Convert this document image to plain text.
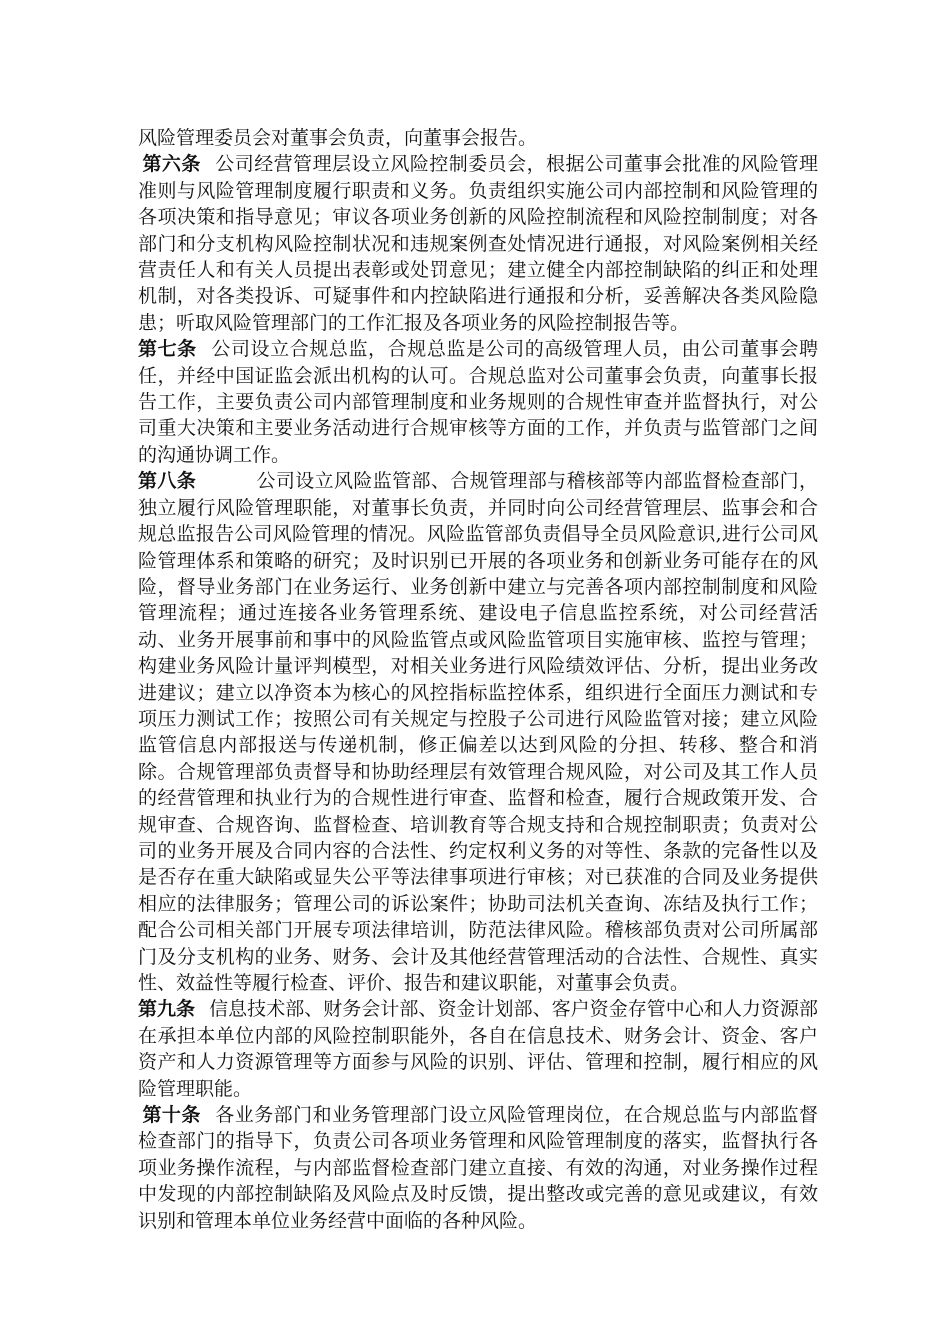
风险管理委员会对董事会负责，向董事会报告。

第六条 公司经营管理层设立风险控制委员会，根据公司董事会批准的风险管理准则与风险管理制度履行职责和义务。负责组织实施公司内部控制和风险管理的各项决策和指导意见；审议各项业务创新的风险控制流程和风险控制制度；对各部门和分支机构风险控制状况和违规案例查处情况进行通报，对风险案例相关经营责任人和有关人员提出表彰或处罚意见；建立健全内部控制缺陷的纠正和处理机制，对各类投诉、可疑事件和内控缺陷进行通报和分析，妥善解决各类风险隐患；听取风险管理部门的工作汇报及各项业务的风险控制报告等。

第七条 公司设立合规总监，合规总监是公司的高级管理人员，由公司董事会聘任，并经中国证监会派出机构的认可。合规总监对公司董事会负责，向董事长报告工作，主要负责公司内部管理制度和业务规则的合规性审查并监督执行，对公司重大决策和主要业务活动进行合规审核等方面的工作，并负责与监管部门之间的沟通协调工作。

第八条	公司设立风险监管部、合规管理部与稽核部等内部监督检查部门，独立履行风险管理职能，对董事长负责，并同时向公司经营管理层、监事会和合规总监报告公司风险管理的情况。风险监管部负责倡导全员风险意识,进行公司风险管理体系和策略的研究；及时识别已开展的各项业务和创新业务可能存在的风险，督导业务部门在业务运行、业务创新中建立与完善各项内部控制制度和风险管理流程；通过连接各业务管理系统、建设电子信息监控系统，对公司经营活动、业务开展事前和事中的风险监管点或风险监管项目实施审核、监控与管理；构建业务风险计量评判模型，对相关业务进行风险绩效评估、分析，提出业务改进建议；建立以净资本为核心的风控指标监控体系，组织进行全面压力测试和专项压力测试工作；按照公司有关规定与控股子公司进行风险监管对接；建立风险监管信息内部报送与传递机制，修正偏差以达到风险的分担、转移、整合和消除。合规管理部负责督导和协助经理层有效管理合规风险，对公司及其工作人员的经营管理和执业行为的合规性进行审查、监督和检查，履行合规政策开发、合规审查、合规咨询、监督检查、培训教育等合规支持和合规控制职责；负责对公司的业务开展及合同内容的合法性、约定权利义务的对等性、条款的完备性以及是否存在重大缺陷或显失公平等法律事项进行审核；对已获准的合同及业务提供相应的法律服务；管理公司的诉讼案件；协助司法机关查询、冻结及执行工作；配合公司相关部门开展专项法律培训，防范法律风险。稽核部负责对公司所属部门及分支机构的业务、财务、会计及其他经营管理活动的合法性、合规性、真实性、效益性等履行检查、评价、报告和建议职能，对董事会负责。

第九条 信息技术部、财务会计部、资金计划部、客户资金存管中心和人力资源部在承担本单位内部的风险控制职能外，各自在信息技术、财务会计、资金、客户资产和人力资源管理等方面参与风险的识别、评估、管理和控制，履行相应的风险管理职能。

第十条 各业务部门和业务管理部门设立风险管理岗位，在合规总监与内部监督检查部门的指导下，负责公司各项业务管理和风险管理制度的落实，监督执行各项业务操作流程，与内部监督检查部门建立直接、有效的沟通，对业务操作过程中发现的内部控制缺陷及风险点及时反馈，提出整改或完善的意见或建议，有效识别和管理本单位业务经营中面临的各种风险。
